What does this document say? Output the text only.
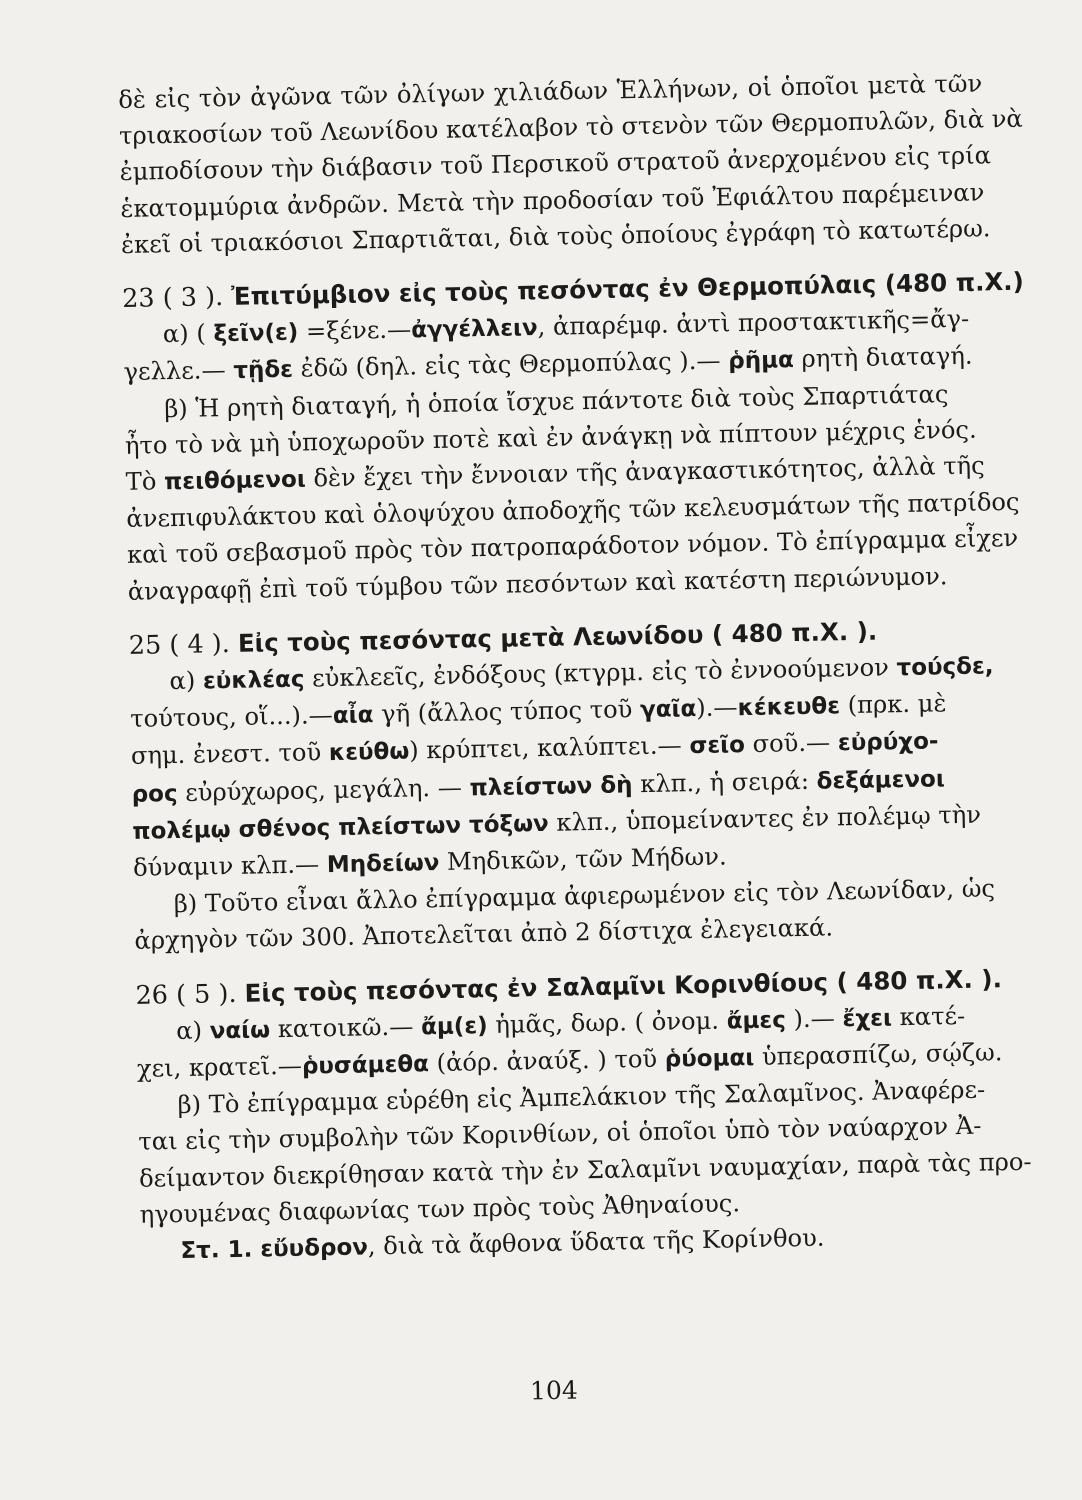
δὲ εἰς τὸν ἀγῶνα τῶν ὀλίγων χιλιάδων Ἑλλήνων, οἱ ὁποῖοι μετὰ τῶν
τριακοσίων τοῦ Λεωνίδου κατέλαβον τὸ στενὸν τῶν Θερμοπυλῶν, διὰ νὰ
ἐμποδίσουν τὴν διάβασιν τοῦ Περσικοῦ στρατοῦ ἀνερχομένου εἰς τρία
ἑκατομμύρια ἀνδρῶν. Μετὰ τὴν προδοσίαν τοῦ Ἐφιάλτου παρέμειναν
ἐκεῖ οἱ τριακόσιοι Σπαρτιᾶται, διὰ τοὺς ὁποίους ἐγράφη τὸ κατωτέρω.
23 ( 3 ). Ἐπιτύμβιον εἰς τοὺς πεσόντας ἐν Θερμοπύλαις (480 π.Χ.)
α) ( ξεῖν(ε) =ξένε.—ἀγγέλλειν, ἀπαρέμφ. ἀντὶ προστακτικῆς=ἄγ-
γελλε.— τῇδε ἐδῶ (δηλ. εἰς τὰς Θερμοπύλας ).— ῥῆμα ρητὴ διαταγή.
β) Ἡ ρητὴ διαταγή, ἡ ὁποία ἴσχυε πάντοτε διὰ τοὺς Σπαρτιάτας
ἦτο τὸ νὰ μὴ ὑποχωροῦν ποτὲ καὶ ἐν ἀνάγκῃ νὰ πίπτουν μέχρις ἑνός.
Τὸ πειθόμενοι δὲν ἔχει τὴν ἔννοιαν τῆς ἀναγκαστικότητος, ἀλλὰ τῆς
ἀνεπιφυλάκτου καὶ ὁλοψύχου ἀποδοχῆς τῶν κελευσμάτων τῆς πατρίδος
καὶ τοῦ σεβασμοῦ πρὸς τὸν πατροπαράδοτον νόμον. Τὸ ἐπίγραμμα εἶχεν
ἀναγραφῇ ἐπὶ τοῦ τύμβου τῶν πεσόντων καὶ κατέστη περιώνυμον.
25 ( 4 ). Εἰς τοὺς πεσόντας μετὰ Λεωνίδου ( 480 π.Χ. ).
α) εὐκλέας εὐκλεεῖς, ἐνδόξους (κτγρμ. εἰς τὸ ἐννοούμενον τούςδε,
τούτους, οἵ...).—αἶα γῆ (ἄλλος τύπος τοῦ γαῖα).—κέκευθε (πρκ. μὲ
σημ. ἐνεστ. τοῦ κεύθω) κρύπτει, καλύπτει.— σεῖο σοῦ.— εὐρύχο-
ρος εὐρύχωρος, μεγάλη. — πλείστων δὴ κλπ., ἡ σειρά: δεξάμενοι
πολέμῳ σθένος πλείστων τόξων κλπ., ὑπομείναντες ἐν πολέμῳ τὴν
δύναμιν κλπ.— Μηδείων Μηδικῶν, τῶν Μήδων.
β) Τοῦτο εἶναι ἄλλο ἐπίγραμμα ἀφιερωμένον εἰς τὸν Λεωνίδαν, ὡς
ἀρχηγὸν τῶν 300. Ἀποτελεῖται ἀπὸ 2 δίστιχα ἐλεγειακά.
26 ( 5 ). Εἰς τοὺς πεσόντας ἐν Σαλαμῖνι Κορινθίους ( 480 π.Χ. ).
α) ναίω κατοικῶ.— ἄμ(ε) ἡμᾶς, δωρ. ( ὀνομ. ἄμες ).— ἔχει κατέ-
χει, κρατεῖ.—ῥυσάμεθα (ἀόρ. ἀναύξ. ) τοῦ ῥύομαι ὑπερασπίζω, σῴζω.
β) Τὸ ἐπίγραμμα εὑρέθη εἰς Ἀμπελάκιον τῆς Σαλαμῖνος. Ἀναφέρε-
ται εἰς τὴν συμβολὴν τῶν Κορινθίων, οἱ ὁποῖοι ὑπὸ τὸν ναύαρχον Ἀ-
δείμαντον διεκρίθησαν κατὰ τὴν ἐν Σαλαμῖνι ναυμαχίαν, παρὰ τὰς προ-
ηγουμένας διαφωνίας των πρὸς τοὺς Ἀθηναίους.
Στ. 1. εὔυδρον, διὰ τὰ ἄφθονα ὕδατα τῆς Κορίνθου.
104
